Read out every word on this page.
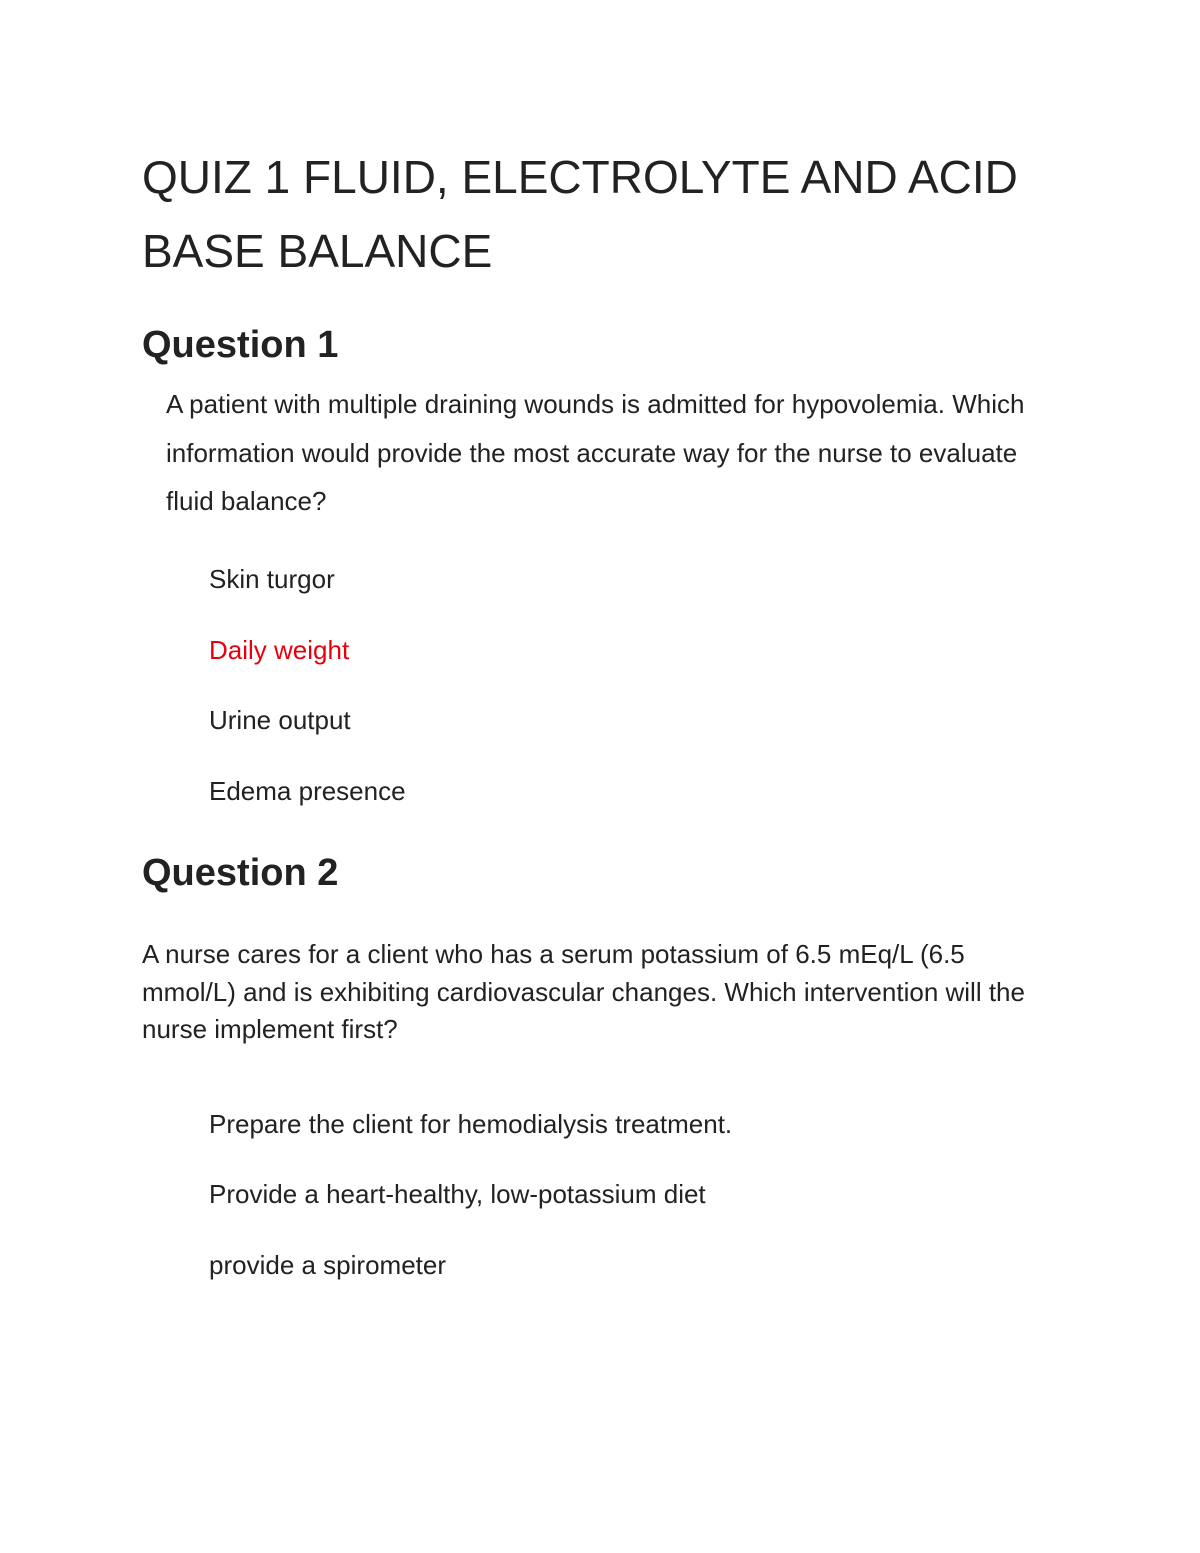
QUIZ 1 FLUID, ELECTROLYTE AND ACID BASE BALANCE
Question 1

A patient with multiple draining wounds is admitted for hypovolemia. Which information would provide the most accurate way for the nurse to evaluate fluid balance?

Skin turgor

Daily weight

Urine output

Edema presence

Question 2

A nurse cares for a client who has a serum potassium of 6.5 mEq/L (6.5 mmol/L) and is exhibiting cardiovascular changes. Which intervention will the nurse implement first?

Prepare the client for hemodialysis treatment.

Provide a heart-healthy, low-potassium diet

provide a spirometer
